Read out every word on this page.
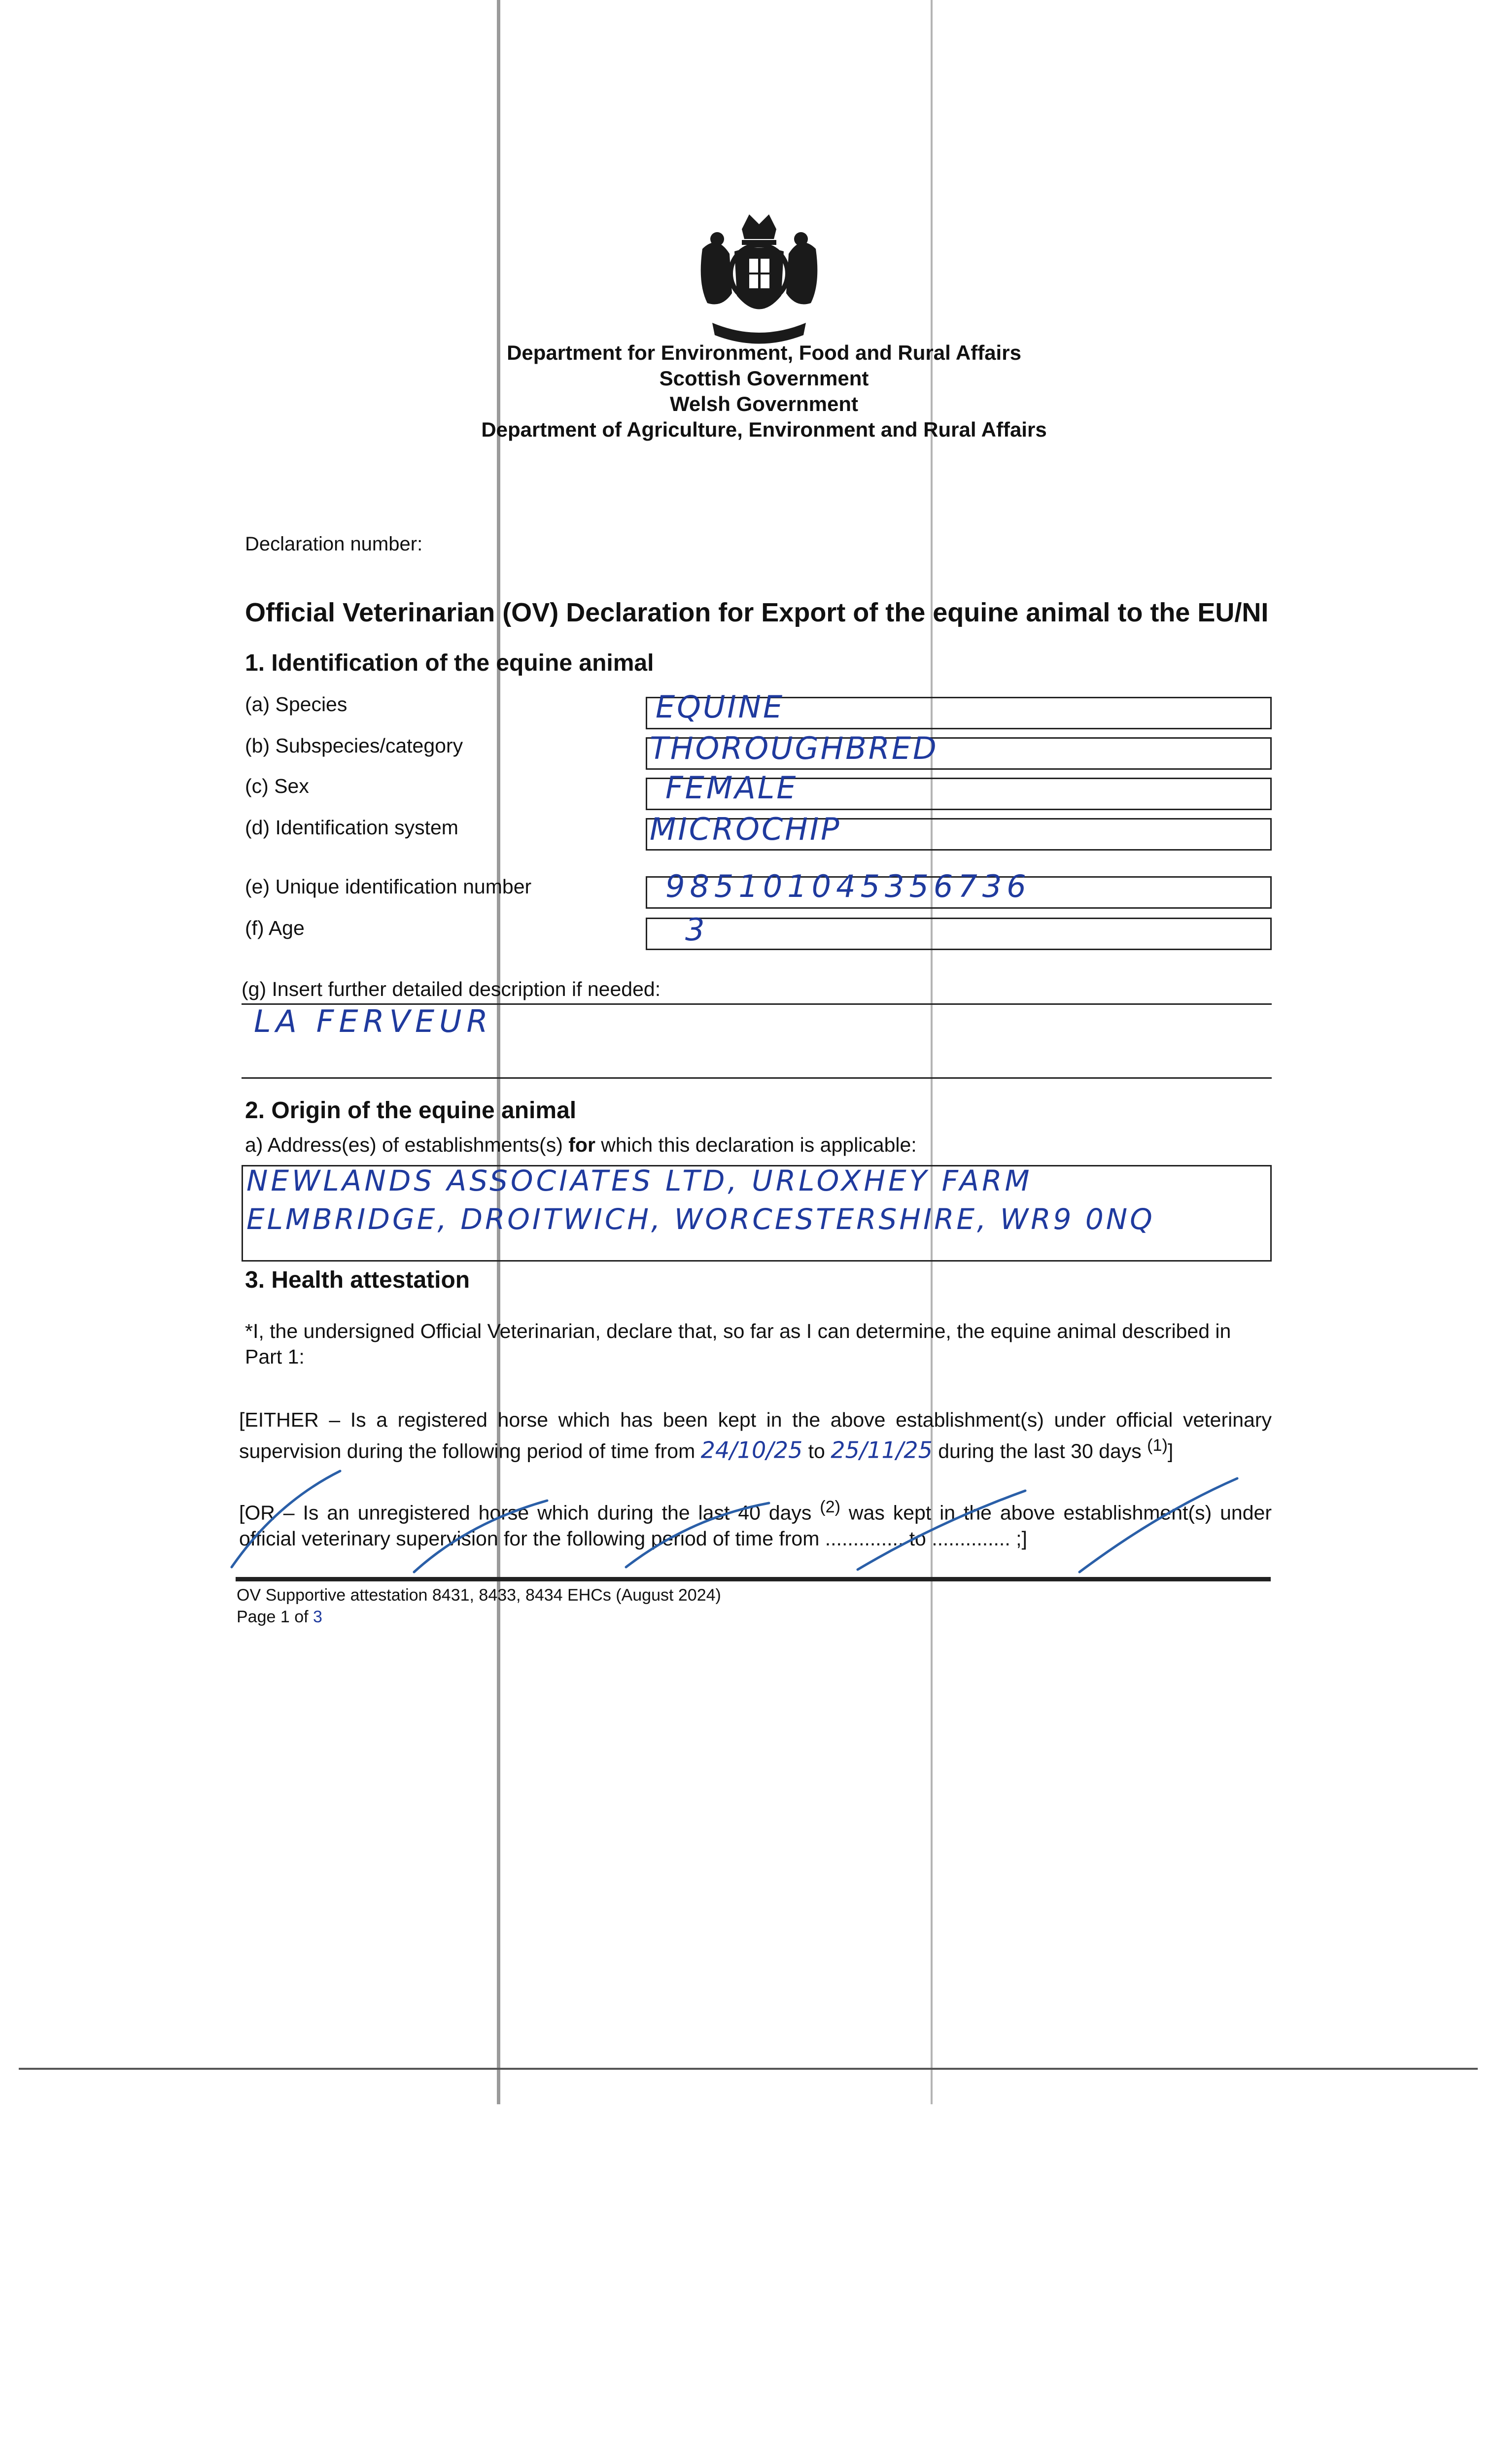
Department for Environment, Food and Rural Affairs
Scottish Government
Welsh Government
Department of Agriculture, Environment and Rural Affairs
Declaration number:
Official Veterinarian (OV) Declaration for Export of the equine animal to the EU/NI
1. Identification of the equine animal
(a) Species	EQUINE
(b) Subspecies/category	THOROUGHBRED
(c) Sex	FEMALE
(d) Identification system	MICROCHIP
(e) Unique identification number	985101045356736
(f) Age	3
(g) Insert further detailed description if needed:
LA FERVEUR
2. Origin of the equine animal
a) Address(es) of establishments(s) for which this declaration is applicable:
NEWLANDS ASSOCIATES LTD, URLOXHEY FARM
ELMBRIDGE, DROITWICH, WORCESTERSHIRE, WR9 0NQ
3. Health attestation
*I, the undersigned Official Veterinarian, declare that, so far as I can determine, the equine animal described in Part 1:
[EITHER – Is a registered horse which has been kept in the above establishment(s) under official veterinary supervision during the following period of time from 24/10/25 to 25/11/25 during the last 30 days $^{(1)}$]
[OR – Is an unregistered horse which during the last 40 days $^{(2)}$ was kept in the above establishment(s) under official veterinary supervision for the following period of time from .............. to .............. ;]
OV Supportive attestation 8431, 8433, 8434 EHCs (August 2024)
Page 1 of 3
